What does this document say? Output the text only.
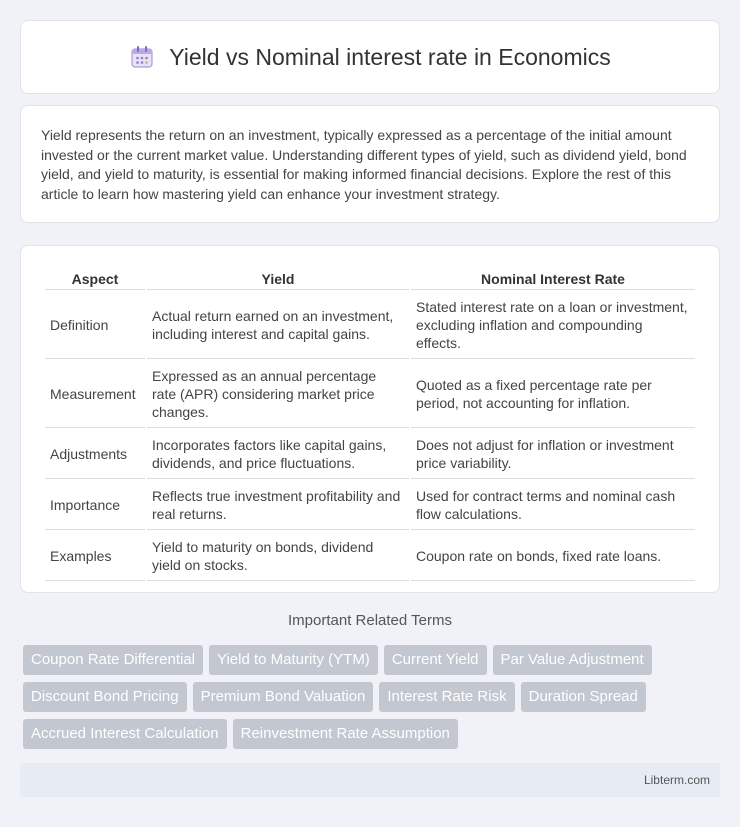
Yield vs Nominal interest rate in Economics

Yield represents the return on an investment, typically expressed as a percentage of the initial amount invested or the current market value. Understanding different types of yield, such as dividend yield, bond yield, and yield to maturity, is essential for making informed financial decisions. Explore the rest of this article to learn how mastering yield can enhance your investment strategy.

Aspect	Yield	Nominal Interest Rate
Definition	Actual return earned on an investment, including interest and capital gains.	Stated interest rate on a loan or investment, excluding inflation and compounding effects.
Measurement	Expressed as an annual percentage rate (APR) considering market price changes.	Quoted as a fixed percentage rate per period, not accounting for inflation.
Adjustments	Incorporates factors like capital gains, dividends, and price fluctuations.	Does not adjust for inflation or investment price variability.
Importance	Reflects true investment profitability and real returns.	Used for contract terms and nominal cash flow calculations.
Examples	Yield to maturity on bonds, dividend yield on stocks.	Coupon rate on bonds, fixed rate loans.
Important Related Terms
Coupon Rate Differential	Yield to Maturity (YTM)	Current Yield	Par Value Adjustment
Discount Bond Pricing	Premium Bond Valuation	Interest Rate Risk	Duration Spread
Accrued Interest Calculation	Reinvestment Rate Assumption
Libterm.com
